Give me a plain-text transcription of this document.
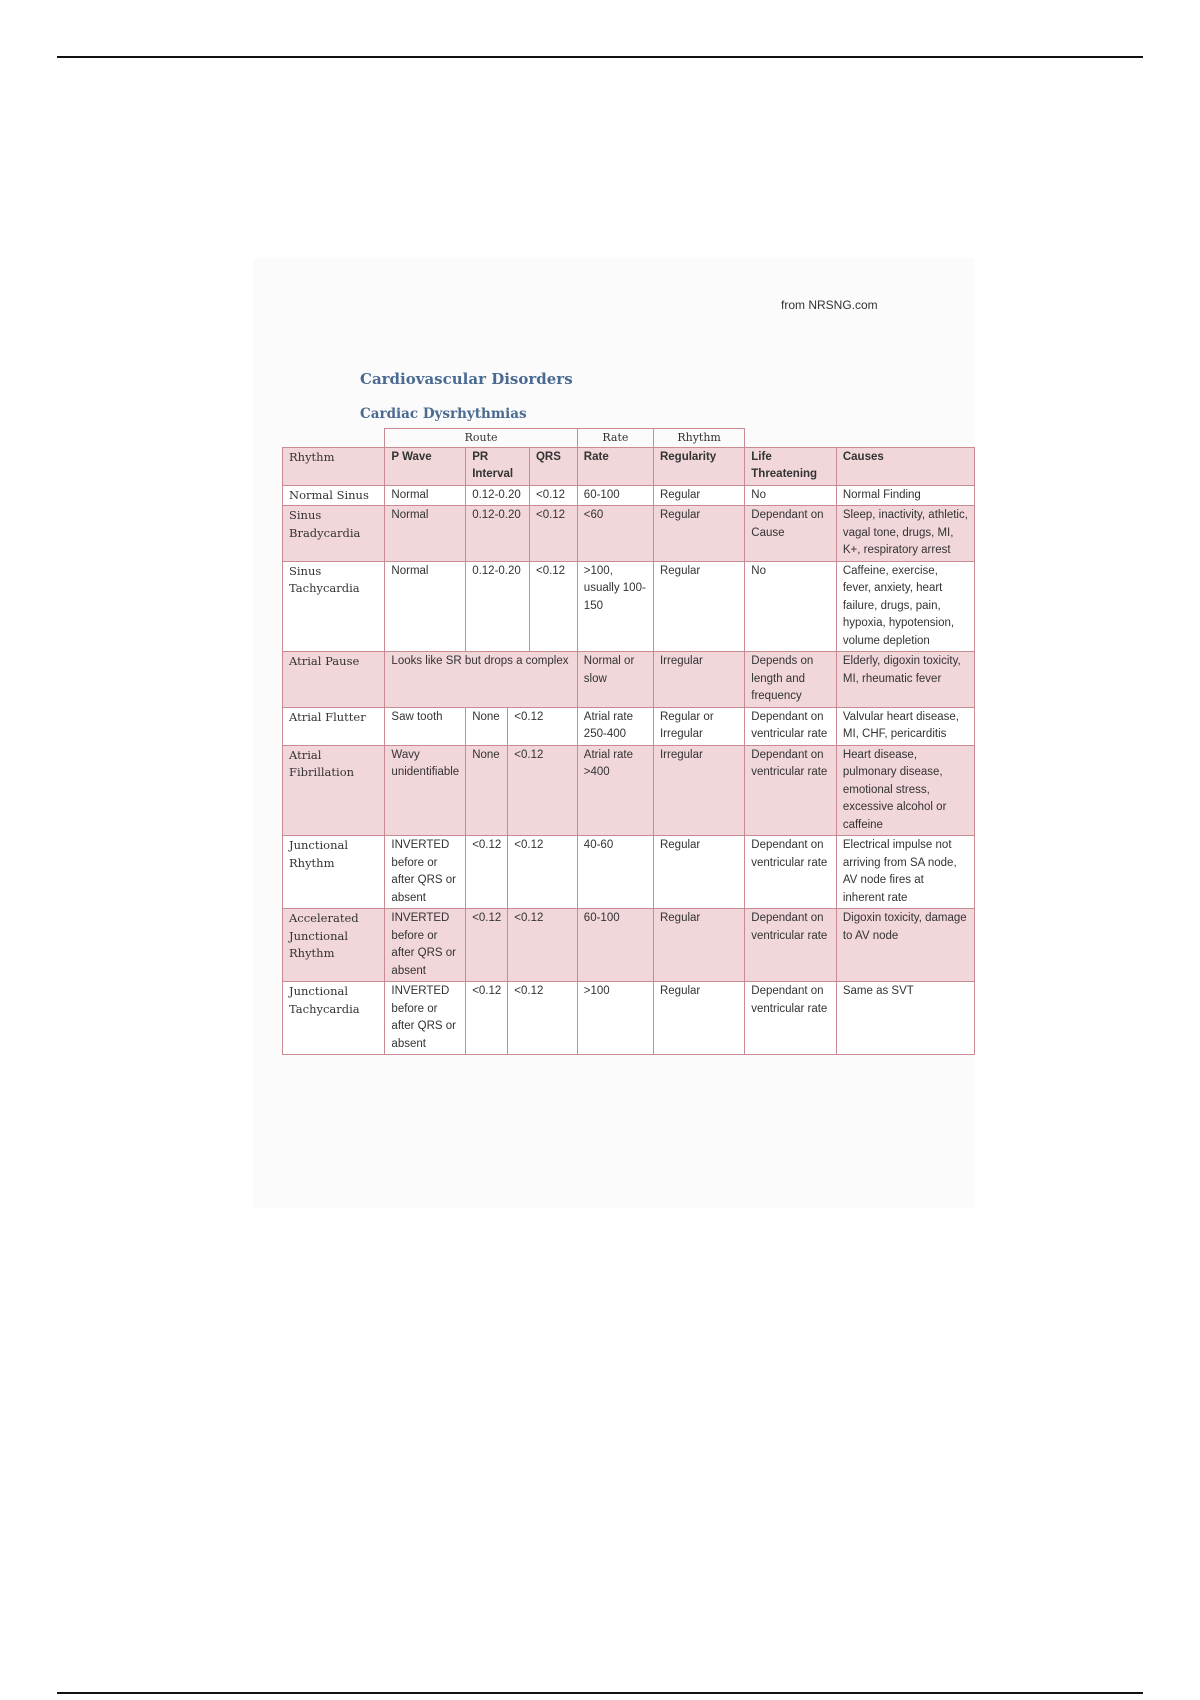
from NRSNG.com
Cardiovascular Disorders
Cardiac Dysrhythmias
	Route				Rate	Rhythm		
Rhythm	P Wave	PR Interval		QRS	Rate	Regularity	Life Threatening	Causes
Normal Sinus	Normal	0.12-0.20		<0.12	60-100	Regular	No	Normal Finding
Sinus Bradycardia	Normal	0.12-0.20		<0.12	<60	Regular	Dependant on Cause	Sleep, inactivity, athletic, vagal tone, drugs, MI, K+, respiratory arrest
Sinus Tachycardia	Normal	0.12-0.20		<0.12	>100, usually 100-150	Regular	No	Caffeine, exercise, fever, anxiety, heart failure, drugs, pain, hypoxia, hypotension, volume depletion
Atrial Pause	Looks like SR but drops a complex				Normal or slow	Irregular	Depends on length and frequency	Elderly, digoxin toxicity, MI, rheumatic fever
Atrial Flutter	Saw tooth	None	<0.12		Atrial rate 250-400	Regular or Irregular	Dependant on ventricular rate	Valvular heart disease, MI, CHF, pericarditis
Atrial Fibrillation	Wavy unidentifiable	None	<0.12		Atrial rate >400	Irregular	Dependant on ventricular rate	Heart disease, pulmonary disease, emotional stress, excessive alcohol or caffeine
Junctional Rhythm	INVERTED before or after QRS or absent	<0.12	<0.12		40-60	Regular	Dependant on ventricular rate	Electrical impulse not arriving from SA node, AV node fires at inherent rate
Accelerated Junctional Rhythm	INVERTED before or after QRS or absent	<0.12	<0.12		60-100	Regular	Dependant on ventricular rate	Digoxin toxicity, damage to AV node
Junctional Tachycardia	INVERTED before or after QRS or absent	<0.12	<0.12		>100	Regular	Dependant on ventricular rate	Same as SVT
